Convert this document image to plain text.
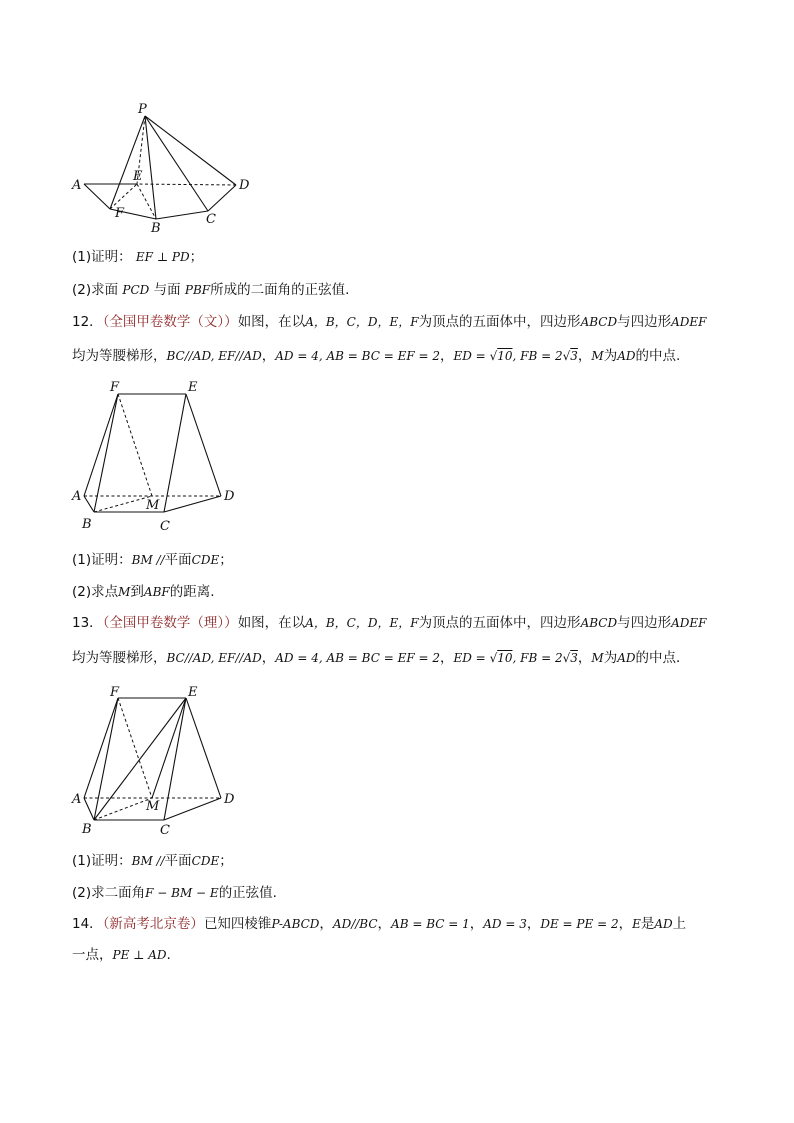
P
A
E
D
F
B
C
(1)证明： EF ⊥ PD；
(2)求面 PCD 与面 PBF所成的二面角的正弦值.
12．（全国甲卷数学（文））如图，在以A，B，C，D，E，F为顶点的五面体中，四边形ABCD与四边形ADEF
均为等腰梯形，BC//AD, EF//AD，AD = 4, AB = BC = EF = 2，ED = √10, FB = 2√3，M为AD的中点.
F	E
A
M
D
B	C
(1)证明：BM //平面CDE；
(2)求点M到ABF的距离.
13．（全国甲卷数学（理））如图，在以A，B，C，D，E，F为顶点的五面体中，四边形ABCD与四边形ADEF
均为等腰梯形，BC//AD, EF//AD，AD = 4, AB = BC = EF = 2，ED = √10, FB = 2√3，M为AD的中点．
F	E
A	M	D
B	C
(1)证明：BM //平面CDE；
(2)求二面角F − BM − E的正弦值.
14．（新高考北京卷）已知四棱锥P-ABCD，AD//BC，AB = BC = 1，AD = 3，DE = PE = 2，E是AD上
一点，PE ⊥ AD.
